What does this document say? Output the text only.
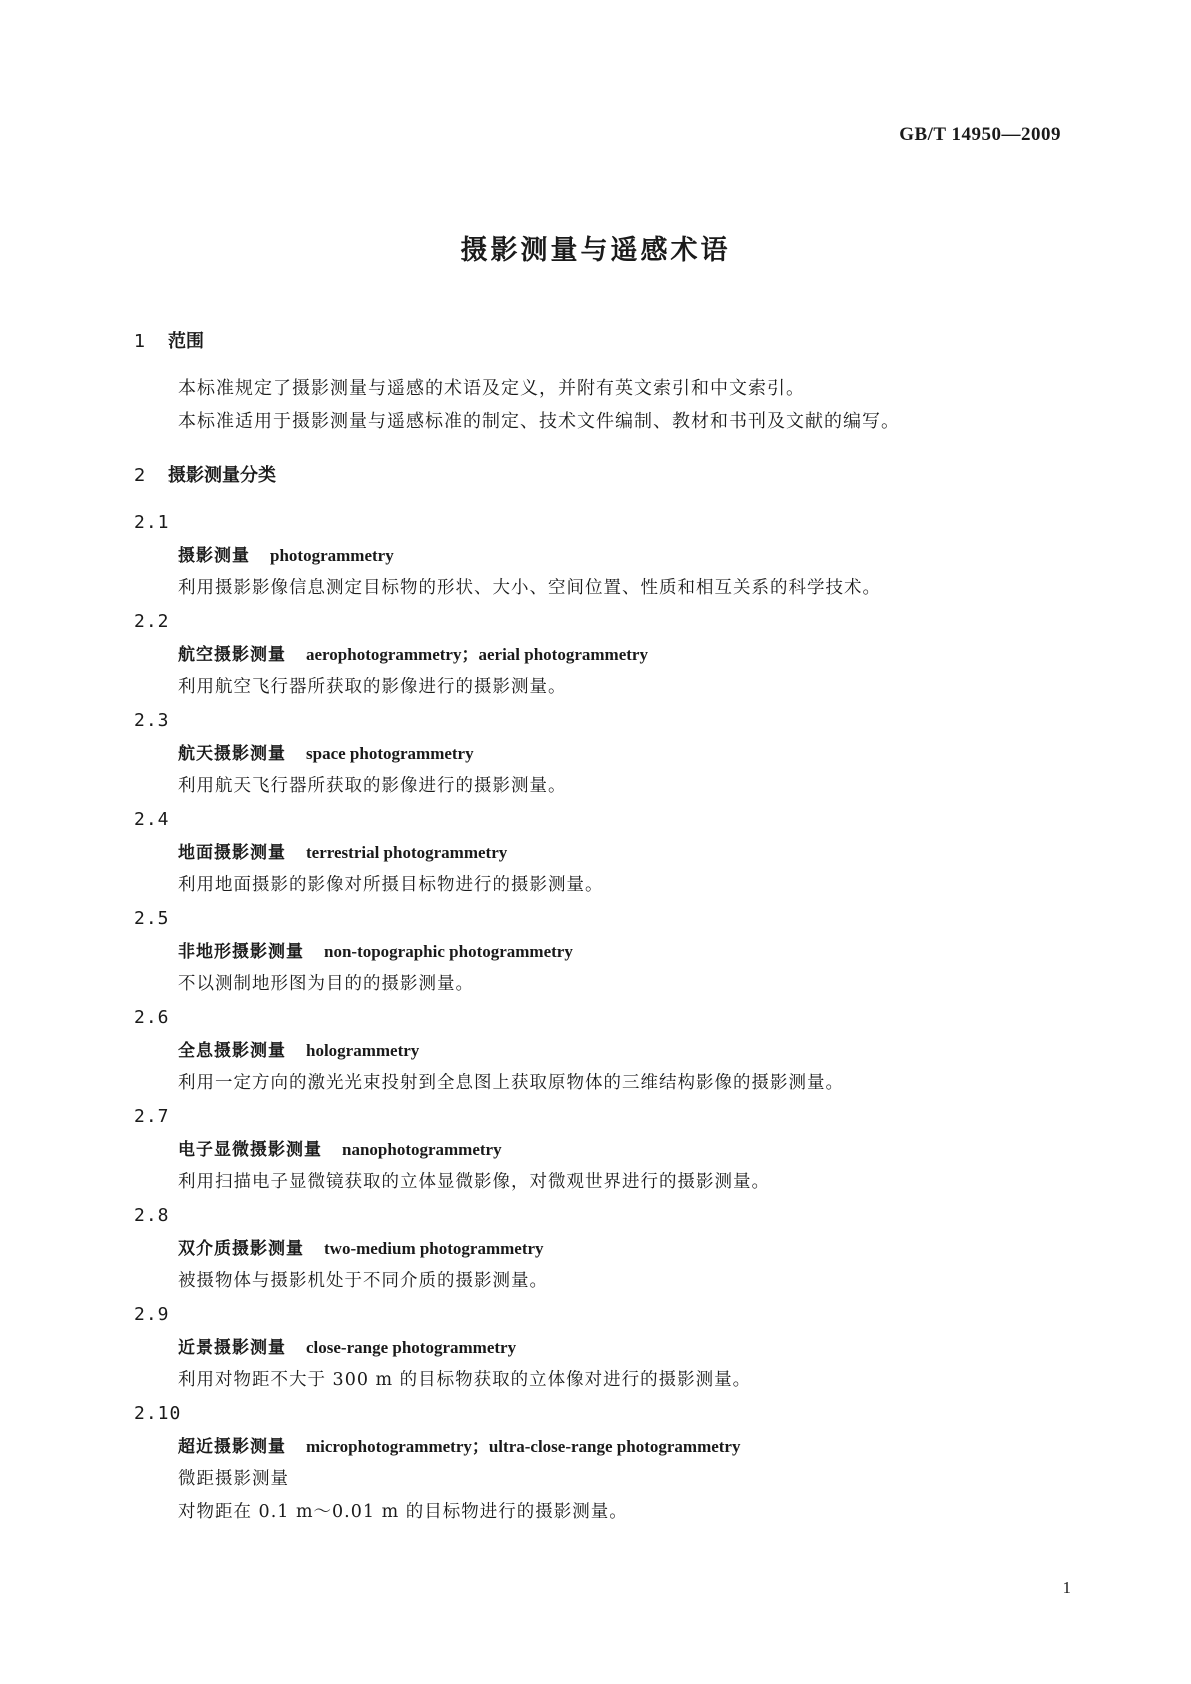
GB/T 14950—2009
摄影测量与遥感术语
1 范围
本标准规定了摄影测量与遥感的术语及定义，并附有英文索引和中文索引。
本标准适用于摄影测量与遥感标准的制定、技术文件编制、教材和书刊及文献的编写。
2 摄影测量分类
2.1
摄影测量 photogrammetry
利用摄影影像信息测定目标物的形状、大小、空间位置、性质和相互关系的科学技术。
2.2
航空摄影测量 aerophotogrammetry；aerial photogrammetry
利用航空飞行器所获取的影像进行的摄影测量。
2.3
航天摄影测量 space photogrammetry
利用航天飞行器所获取的影像进行的摄影测量。
2.4
地面摄影测量 terrestrial photogrammetry
利用地面摄影的影像对所摄目标物进行的摄影测量。
2.5
非地形摄影测量 non-topographic photogrammetry
不以测制地形图为目的的摄影测量。
2.6
全息摄影测量 hologrammetry
利用一定方向的激光光束投射到全息图上获取原物体的三维结构影像的摄影测量。
2.7
电子显微摄影测量 nanophotogrammetry
利用扫描电子显微镜获取的立体显微影像，对微观世界进行的摄影测量。
2.8
双介质摄影测量 two-medium photogrammetry
被摄物体与摄影机处于不同介质的摄影测量。
2.9
近景摄影测量 close-range photogrammetry
利用对物距不大于 300 m 的目标物获取的立体像对进行的摄影测量。
2.10
超近摄影测量 microphotogrammetry；ultra-close-range photogrammetry
微距摄影测量
对物距在 0.1 m～0.01 m 的目标物进行的摄影测量。
1
